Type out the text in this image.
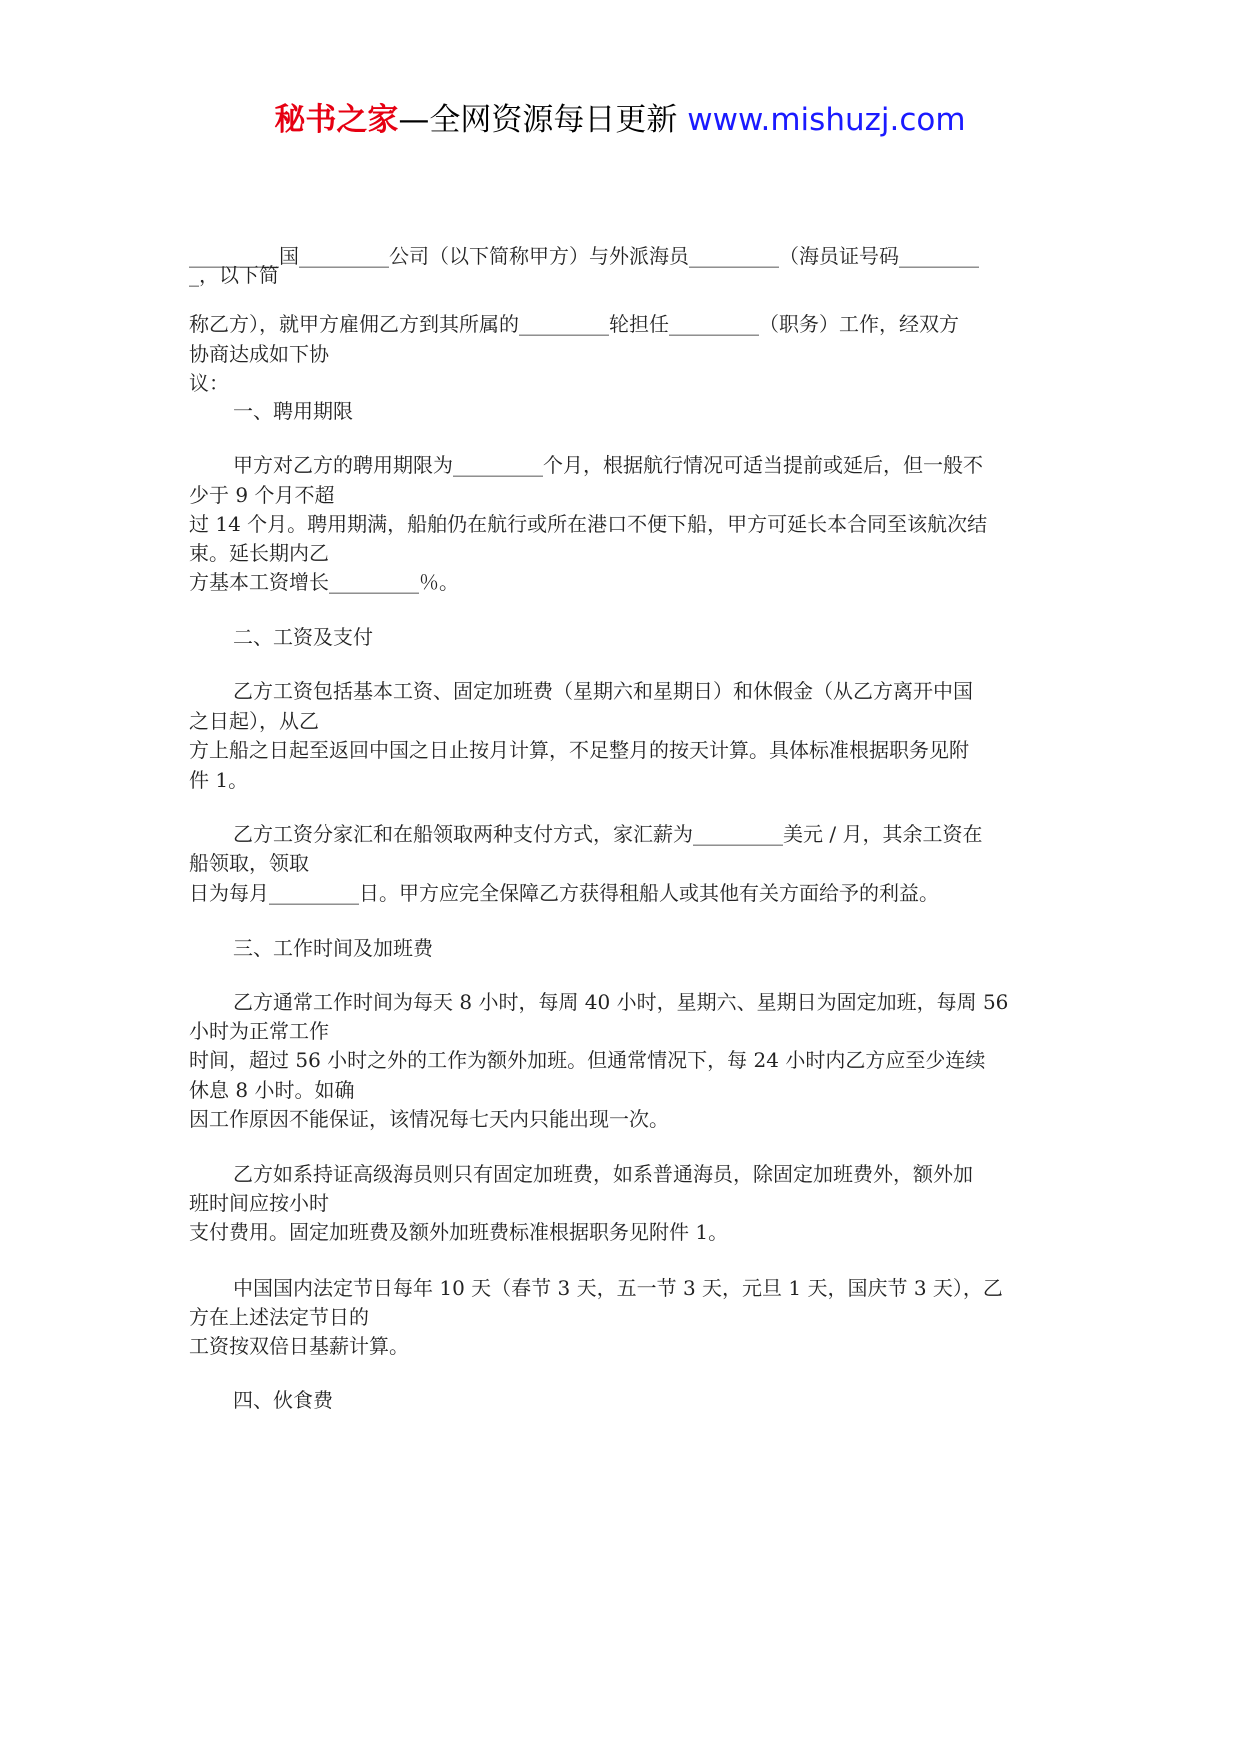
秘书之家—全网资源每日更新 www.mishuzj.com
_________国_________公司（以下简称甲方）与外派海员_________（海员证号码________
_，以下简
称乙方），就甲方雇佣乙方到其所属的_________轮担任_________（职务）工作，经双方
协商达成如下协
议：
一、聘用期限
甲方对乙方的聘用期限为_________个月，根据航行情况可适当提前或延后，但一般不
少于 9 个月不超
过 14 个月。聘用期满，船舶仍在航行或所在港口不便下船，甲方可延长本合同至该航次结
束。延长期内乙
方基本工资增长_________％。
二、工资及支付
乙方工资包括基本工资、固定加班费（星期六和星期日）和休假金（从乙方离开中国
之日起），从乙
方上船之日起至返回中国之日止按月计算，不足整月的按天计算。具体标准根据职务见附
件 1。
乙方工资分家汇和在船领取两种支付方式，家汇薪为_________美元 / 月，其余工资在
船领取，领取
日为每月_________日。甲方应完全保障乙方获得租船人或其他有关方面给予的利益。
三、工作时间及加班费
乙方通常工作时间为每天 8 小时，每周 40 小时，星期六、星期日为固定加班，每周 56
小时为正常工作
时间，超过 56 小时之外的工作为额外加班。但通常情况下，每 24 小时内乙方应至少连续
休息 8 小时。如确
因工作原因不能保证，该情况每七天内只能出现一次。
乙方如系持证高级海员则只有固定加班费，如系普通海员，除固定加班费外，额外加
班时间应按小时
支付费用。固定加班费及额外加班费标准根据职务见附件 1。
中国国内法定节日每年 10 天（春节 3 天，五一节 3 天，元旦 1 天，国庆节 3 天），乙
方在上述法定节日的
工资按双倍日基薪计算。
四、伙食费
